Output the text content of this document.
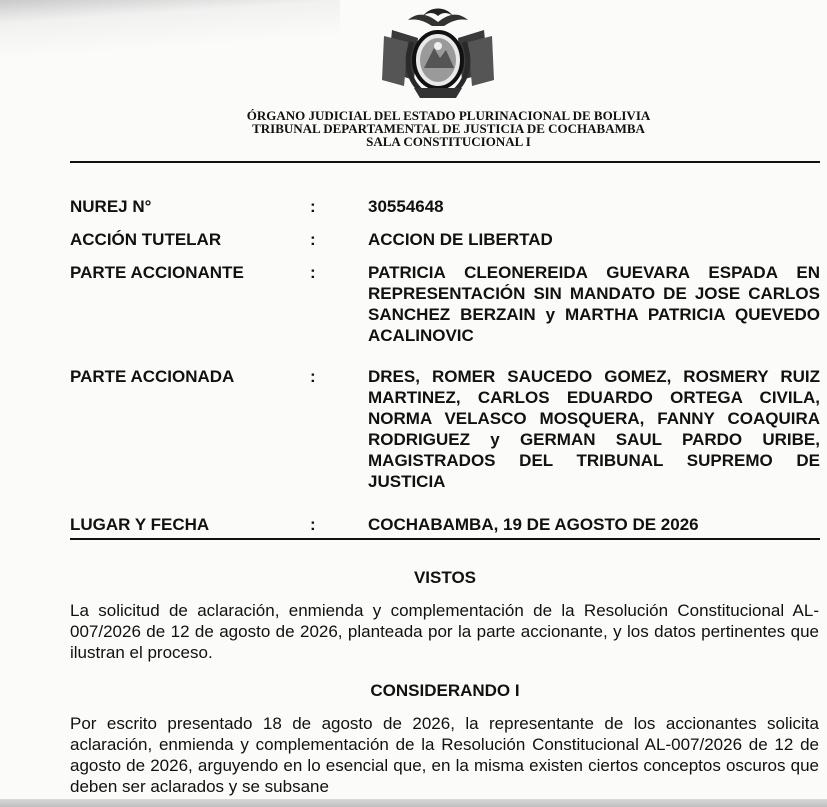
ÓRGANO JUDICIAL DEL ESTADO PLURINACIONAL DE BOLIVIA
TRIBUNAL DEPARTAMENTAL DE JUSTICIA DE COCHABAMBA
SALA CONSTITUCIONAL I
NUREJ N°	:	30554648
ACCIÓN TUTELAR	:	ACCION DE LIBERTAD
PARTE ACCIONANTE	:	PATRICIA CLEONEREIDA GUEVARA ESPADA EN REPRESENTACIÓN SIN MANDATO DE JOSE CARLOS SANCHEZ BERZAIN y MARTHA PATRICIA QUEVEDO ACALINOVIC
PARTE ACCIONADA	:	DRES, ROMER SAUCEDO GOMEZ, ROSMERY RUIZ MARTINEZ, CARLOS EDUARDO ORTEGA CIVILA, NORMA VELASCO MOSQUERA, FANNY COAQUIRA RODRIGUEZ y GERMAN SAUL PARDO URIBE, MAGISTRADOS DEL TRIBUNAL SUPREMO DE JUSTICIA
LUGAR Y FECHA	:	COCHABAMBA, 19 DE AGOSTO DE 2026
VISTOS
La solicitud de aclaración, enmienda y complementación de la Resolución Constitucional AL-007/2026 de 12 de agosto de 2026, planteada por la parte accionante, y los datos pertinentes que ilustran el proceso.
CONSIDERANDO I
Por escrito presentado 18 de agosto de 2026, la representante de los accionantes solicita aclaración, enmienda y complementación de la Resolución Constitucional AL-007/2026 de 12 de agosto de 2026, arguyendo en lo esencial que, en la misma existen ciertos conceptos oscuros que deben ser aclarados y se subsane
